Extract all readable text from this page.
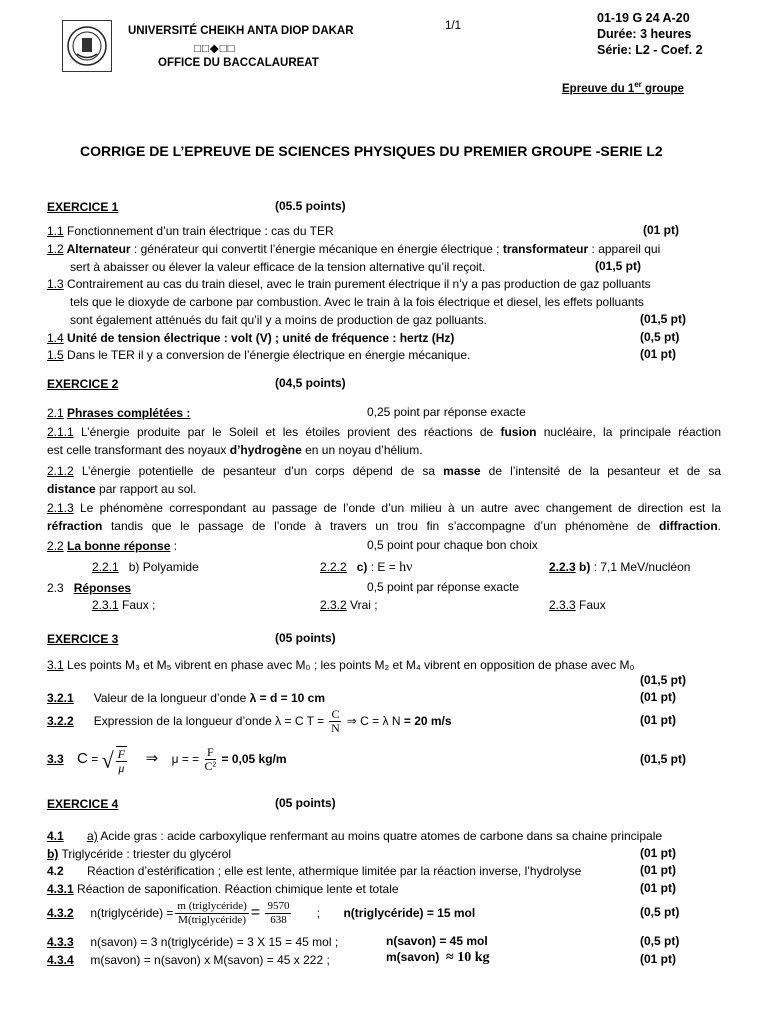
UNIVERSITÉ CHEIKH ANTA DIOP DAKAR
□□◆□□
OFFICE DU BACCALAUREAT
1/1
01-19 G 24 A-20
Durée: 3 heures
Série: L2 - Coef. 2
Epreuve du 1er groupe
CORRIGE DE L’EPREUVE DE SCIENCES PHYSIQUES DU PREMIER GROUPE -SERIE L2
EXERCICE 1	(05.5 points)
1.1 Fonctionnement d’un train électrique : cas du TER	(01 pt)
1.2 Alternateur : générateur qui convertit l’énergie mécanique en énergie électrique ; transformateur : appareil qui
sert à abaisser ou élever la valeur efficace de la tension alternative qu’il reçoit.	(01,5 pt)
1.3 Contrairement au cas du train diesel, avec le train purement électrique il n’y a pas production de gaz polluants
tels que le dioxyde de carbone par combustion. Avec le train à la fois électrique et diesel, les effets polluants
sont également atténués du fait qu’il y a moins de production de gaz polluants.	(01,5 pt)
1.4 Unité de tension électrique : volt (V) ; unité de fréquence : hertz (Hz)	(0,5 pt)
1.5 Dans le TER il y a conversion de l’énergie électrique en énergie mécanique.	(01 pt)
EXERCICE 2	(04,5 points)
2.1 Phrases complétées :	0,25 point par réponse exacte
2.1.1 L’énergie produite par le Soleil et les étoiles provient des réactions de fusion nucléaire, la principale réaction
est celle transformant des noyaux d’hydrogène en un noyau d’hélium.
2.1.2 L’énergie potentielle de pesanteur d’un corps dépend de sa masse de l’intensité de la pesanteur et de sa
distance par rapport au sol.
2.1.3 Le phénomène correspondant au passage de l’onde d’un milieu à un autre avec changement de direction est la
réfraction tandis que le passage de l’onde à travers un trou fin s’accompagne d’un phénomène de diffraction.
2.2 La bonne réponse :	0,5 point pour chaque bon choix
2.2.1 b) Polyamide	2.2.2 c) : E = hν	2.2.3 b) : 7,1 MeV/nucléon
2.3 Réponses	0,5 point par réponse exacte
2.3.1 Faux ;	2.3.2 Vrai ;	2.3.3 Faux
EXERCICE 3	(05 points)
3.1 Les points M₃ et M₅ vibrent en phase avec M₀ ; les points M₂ et M₄ vibrent en opposition de phase avec M₀
(01,5 pt)
3.2.1 Valeur de la longueur d’onde λ = d = 10 cm	(01 pt)
3.2.2 Expression de la longueur d’onde λ = C $T = \frac{C}{N}$ ⇒ C = λ N = 20 m/s	(01 pt)
3.3 C = √ $\frac{F}{\mu}$ ⇒ μ = = $\frac{F}{\text{C²}} = 0,05$ kg/m	(01,5 pt)
EXERCICE 4	(05 points)
4.1 a) Acide gras : acide carboxylique renfermant au moins quatre atomes de carbone dans sa chaine principale
b) Triglycéride : triester du glycérol	(01 pt)
4.2 Réaction d’estérification ; elle est lente, athermique limitée par la réaction inverse, l’hydrolyse	(01 pt)
4.3.1 Réaction de saponification. Réaction chimique lente et totale	(01 pt)
4.3.2 n(triglycéride) = $\frac{\text{m (triglycéride)}}{\text{M(triglycéride)}} = \frac{9570}{638}$ ; n(triglycéride) = 15 mol	(0,5 pt)
4.3.3 n(savon) = 3 n(triglycéride) = 3 X 15 = 45 mol ;	n(savon) = 45 mol	(0,5 pt)
4.3.4 m(savon) = n(savon) x M(savon) = 45 x 222 ;	m(savon) ≈ 10 kg	(01 pt)
